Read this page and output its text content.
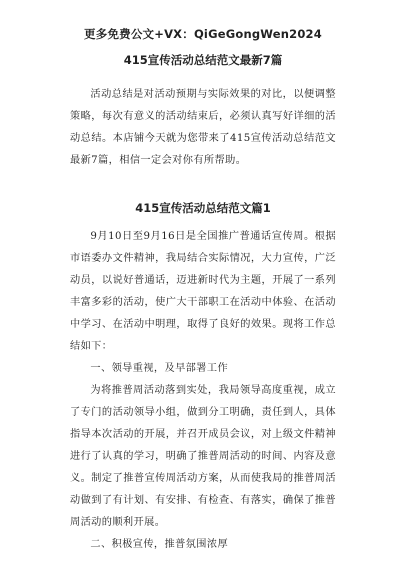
更多免费公文+VX：QiGeGongWen2024
415宣传活动总结范文最新7篇

活动总结是对活动预期与实际效果的对比，以便调整策略，每次有意义的活动结束后，必须认真写好详细的活动总结。本店铺今天就为您带来了415宣传活动总结范文最新7篇，相信一定会对你有所帮助。

415宣传活动总结范文篇1

9月10日至9月16日是全国推广普通话宣传周。根据市语委办文件精神，我局结合实际情况，大力宣传，广泛动员，以说好普通话，迈进新时代为主题，开展了一系列丰富多彩的活动，使广大干部职工在活动中体验、在活动中学习、在活动中明理，取得了良好的效果。现将工作总结如下：

一、领导重视，及早部署工作

为将推普周活动落到实处，我局领导高度重视，成立了专门的活动领导小组，做到分工明确，责任到人，具体指导本次活动的开展，并召开成员会议，对上级文件精神进行了认真的学习，明确了推普周活动的时间、内容及意义。制定了推普宣传周活动方案，从而使我局的推普周活动做到了有计划、有安排、有检查、有落实，确保了推普周活动的顺利开展。

二、积极宣传，推普氛围浓厚
